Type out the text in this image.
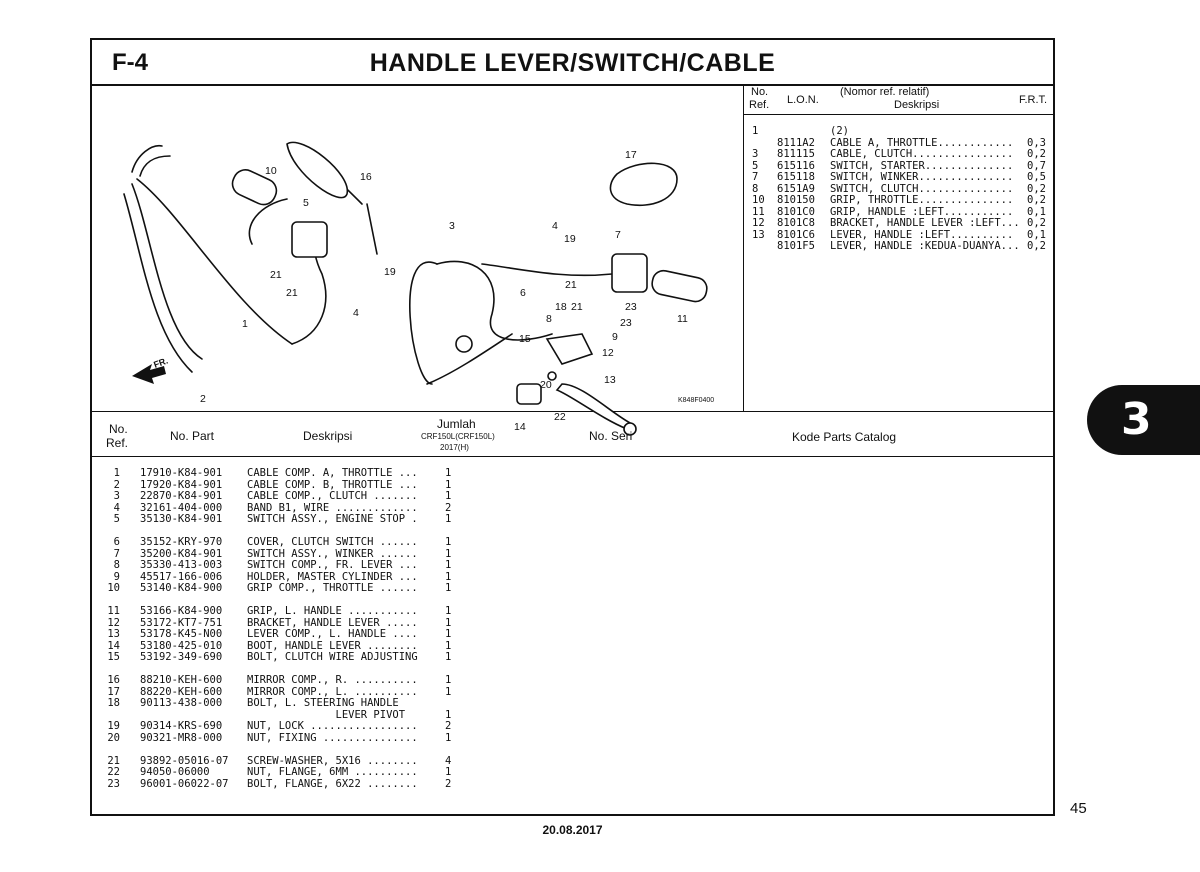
F-4	HANDLE LEVER/SWITCH/CABLE
10	16
17
5
3	4
19	7
21	19
21
4
1
6
18 21	23
8	23	11
9
15
12
2
20	13
22
14
21
FR.
K848F0400
No.
Ref. L.O.N.
(Nomor ref. relatif)
Deskripsi	F.R.T.
1	(2)
8111A2 CABLE A, THROTTLE............ 0,3
3 811115 CABLE, CLUTCH................ 0,2
5 615116 SWITCH, STARTER.............. 0,7
7 615118 SWITCH, WINKER............... 0,5
8 6151A9 SWITCH, CLUTCH............... 0,2
10 810150 GRIP, THROTTLE............... 0,2
11 8101C0 GRIP, HANDLE :LEFT........... 0,1
12 8101C8 BRACKET, HANDLE LEVER :LEFT... 0,2
13 8101C6 LEVER, HANDLE :LEFT.......... 0,1
8101F5 LEVER, HANDLE :KEDUA-DUANYA... 0,2
No.
Ref.	No. Part	Deskripsi
Jumlah
CRF150L(CRF150L)
2017(H)
No. Seri	Kode Parts Catalog
1 17910-K84-901 CABLE COMP. A, THROTTLE ...	1
2 17920-K84-901 CABLE COMP. B, THROTTLE ...	1
3 22870-K84-901 CABLE COMP., CLUTCH .......	1
4 32161-404-000 BAND B1, WIRE .............	2
5 35130-K84-901 SWITCH ASSY., ENGINE STOP .	1
6 35152-KRY-970 COVER, CLUTCH SWITCH ......	1
7 35200-K84-901 SWITCH ASSY., WINKER ......	1
8 35330-413-003 SWITCH COMP., FR. LEVER ...	1
9 45517-166-006 HOLDER, MASTER CYLINDER ...	1
10 53140-K84-900 GRIP COMP., THROTTLE ......	1
11 53166-K84-900 GRIP, L. HANDLE ...........	1
12 53172-KT7-751 BRACKET, HANDLE LEVER .....	1
13 53178-K45-N00 LEVER COMP., L. HANDLE ....	1
14 53180-425-010 BOOT, HANDLE LEVER ........	1
15 53192-349-690 BOLT, CLUTCH WIRE ADJUSTING	1
16 88210-KEH-600 MIRROR COMP., R. ..........	1
17 88220-KEH-600 MIRROR COMP., L. ..........	1
18 90113-438-000 BOLT, L. STEERING HANDLE
LEVER PIVOT	1
19 90314-KRS-690 NUT, LOCK .................	2
20 90321-MR8-000 NUT, FIXING ...............	1
21 93892-05016-07 SCREW-WASHER, 5X16 ........	4
22 94050-06000	NUT, FLANGE, 6MM ..........	1
23 96001-06022-07 BOLT, FLANGE, 6X22 ........	2
3
45
20.08.2017
